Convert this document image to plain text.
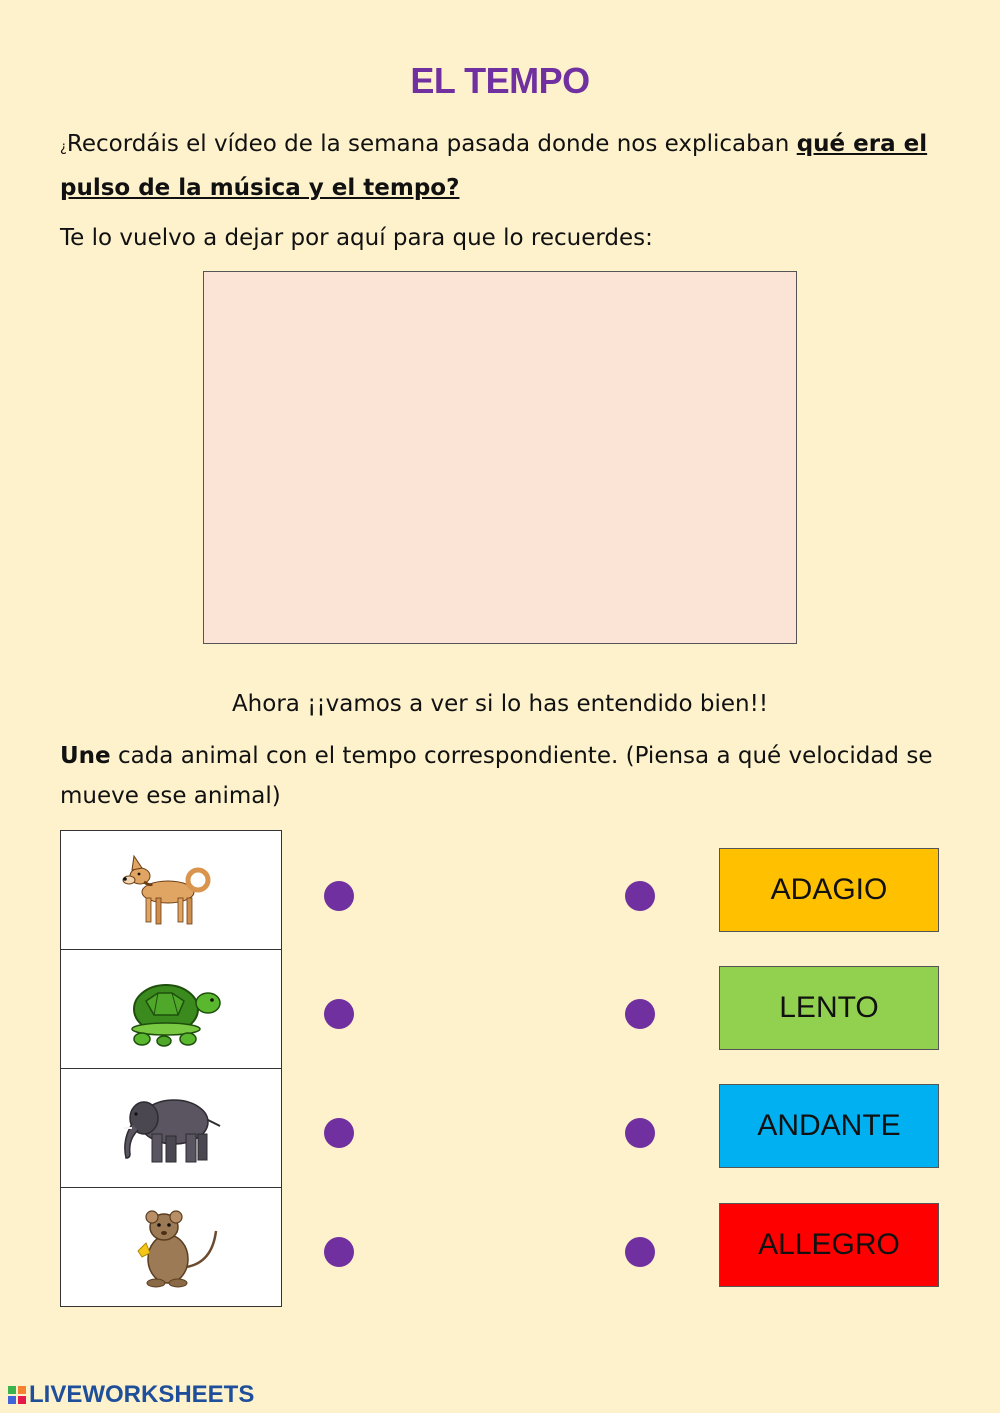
EL TEMPO
¿Recordáis el vídeo de la semana pasada donde nos explicaban qué era el pulso de la música y el tempo?
Te lo vuelvo a dejar por aquí para que lo recuerdes:
Ahora ¡¡vamos a ver si lo has entendido bien!!
Une cada animal con el tempo correspondiente. (Piensa a qué velocidad se mueve ese animal)
ADAGIO
LENTO
ANDANTE
ALLEGRO
LIVEWORKSHEETS
